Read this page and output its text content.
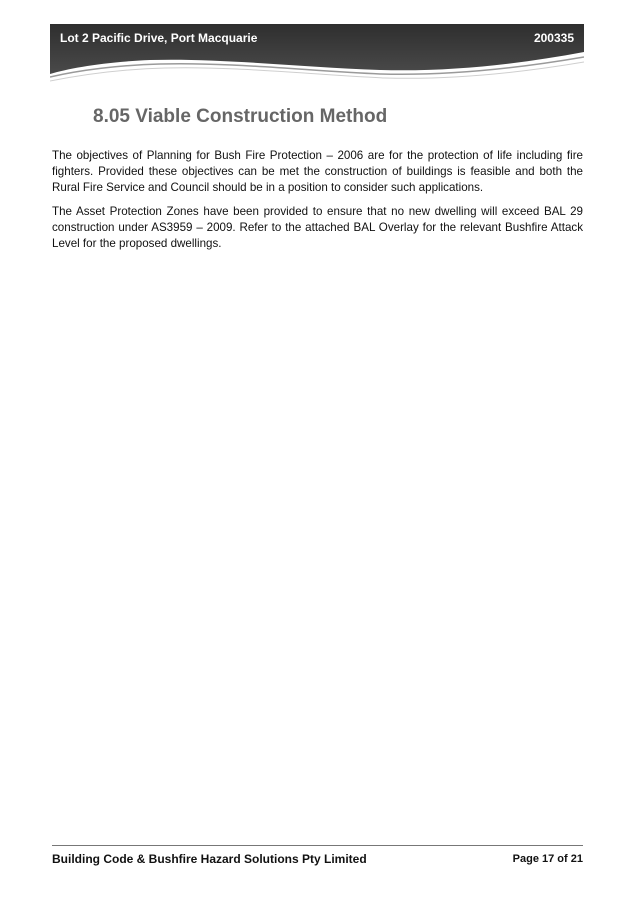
Lot 2 Pacific Drive, Port Macquarie	200335
8.05 Viable Construction Method

The objectives of Planning for Bush Fire Protection – 2006 are for the protection of life including fire fighters. Provided these objectives can be met the construction of buildings is feasible and both the Rural Fire Service and Council should be in a position to consider such applications.

The Asset Protection Zones have been provided to ensure that no new dwelling will exceed BAL 29 construction under AS3959 – 2009. Refer to the attached BAL Overlay for the relevant Bushfire Attack Level for the proposed dwellings.

Building Code & Bushfire Hazard Solutions Pty Limited	Page 17 of 21
